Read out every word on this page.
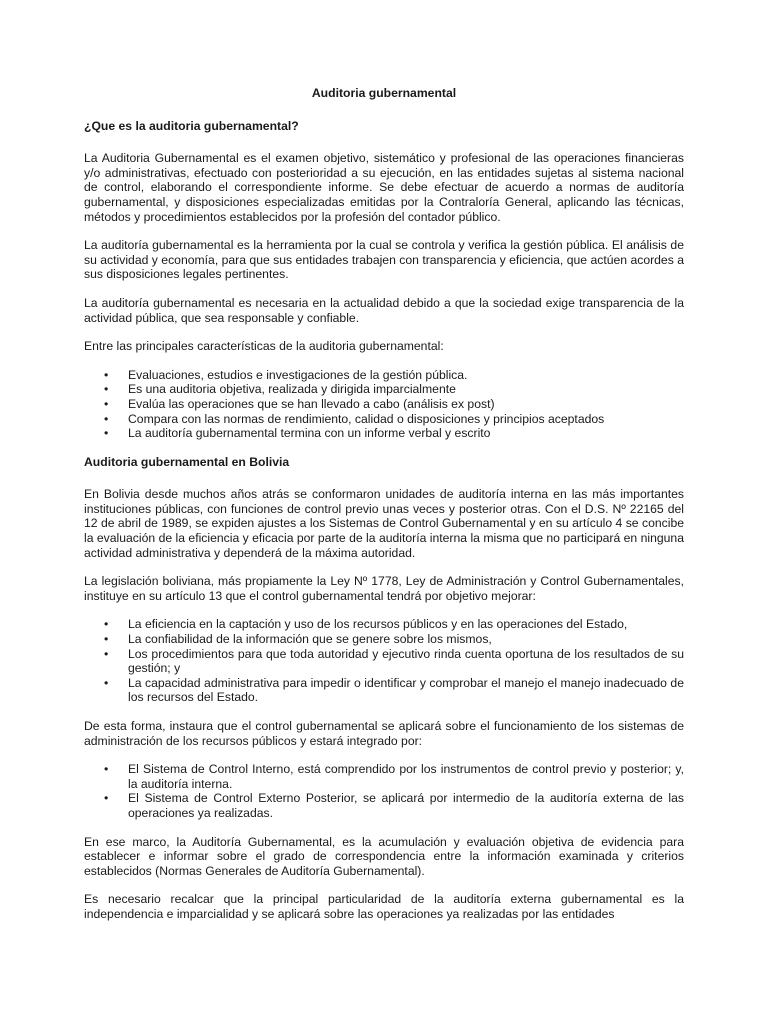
Auditoria gubernamental
¿Que es la auditoria gubernamental?

La Auditoria Gubernamental es el examen objetivo, sistemático y profesional de las operaciones financieras y/o administrativas, efectuado con posterioridad a su ejecución, en las entidades sujetas al sistema nacional de control, elaborando el correspondiente informe. Se debe efectuar de acuerdo a normas de auditoría gubernamental, y disposiciones especializadas emitidas por la Contraloría General, aplicando las técnicas, métodos y procedimientos establecidos por la profesión del contador público.

La auditoría gubernamental es la herramienta por la cual se controla y verifica la gestión pública. El análisis de su actividad y economía, para que sus entidades trabajen con transparencia y eficiencia, que actúen acordes a sus disposiciones legales pertinentes.

La auditoría gubernamental es necesaria en la actualidad debido a que la sociedad exige transparencia de la actividad pública, que sea responsable y confiable.

Entre las principales características de la auditoria gubernamental:

• Evaluaciones, estudios e investigaciones de la gestión pública.
• Es una auditoria objetiva, realizada y dirigida imparcialmente
• Evalúa las operaciones que se han llevado a cabo (análisis ex post)
• Compara con las normas de rendimiento, calidad o disposiciones y principios aceptados
• La auditoría gubernamental termina con un informe verbal y escrito
Auditoria gubernamental en Bolivia

En Bolivia desde muchos años atrás se conformaron unidades de auditoría interna en las más importantes instituciones públicas, con funciones de control previo unas veces y posterior otras. Con el D.S. Nº 22165 del 12 de abril de 1989, se expiden ajustes a los Sistemas de Control Gubernamental y en su artículo 4 se concibe la evaluación de la eficiencia y eficacia por parte de la auditoría interna la misma que no participará en ninguna actividad administrativa y dependerá de la máxima autoridad.

La legislación boliviana, más propiamente la Ley Nº 1778, Ley de Administración y Control Gubernamentales, instituye en su artículo 13 que el control gubernamental tendrá por objetivo mejorar:

• La eficiencia en la captación y uso de los recursos públicos y en las operaciones del Estado,
• La confiabilidad de la información que se genere sobre los mismos,
• Los procedimientos para que toda autoridad y ejecutivo rinda cuenta oportuna de los resultados de su gestión; y
• La capacidad administrativa para impedir o identificar y comprobar el manejo el manejo inadecuado de los recursos del Estado.

De esta forma, instaura que el control gubernamental se aplicará sobre el funcionamiento de los sistemas de administración de los recursos públicos y estará integrado por:

• El Sistema de Control Interno, está comprendido por los instrumentos de control previo y posterior; y, la auditoría interna.
• El Sistema de Control Externo Posterior, se aplicará por intermedio de la auditoría externa de las operaciones ya realizadas.

En ese marco, la Auditoría Gubernamental, es la acumulación y evaluación objetiva de evidencia para establecer e informar sobre el grado de correspondencia entre la información examinada y criterios establecidos (Normas Generales de Auditoría Gubernamental).

Es necesario recalcar que la principal particularidad de la auditoría externa gubernamental es la independencia e imparcialidad y se aplicará sobre las operaciones ya realizadas por las entidades
